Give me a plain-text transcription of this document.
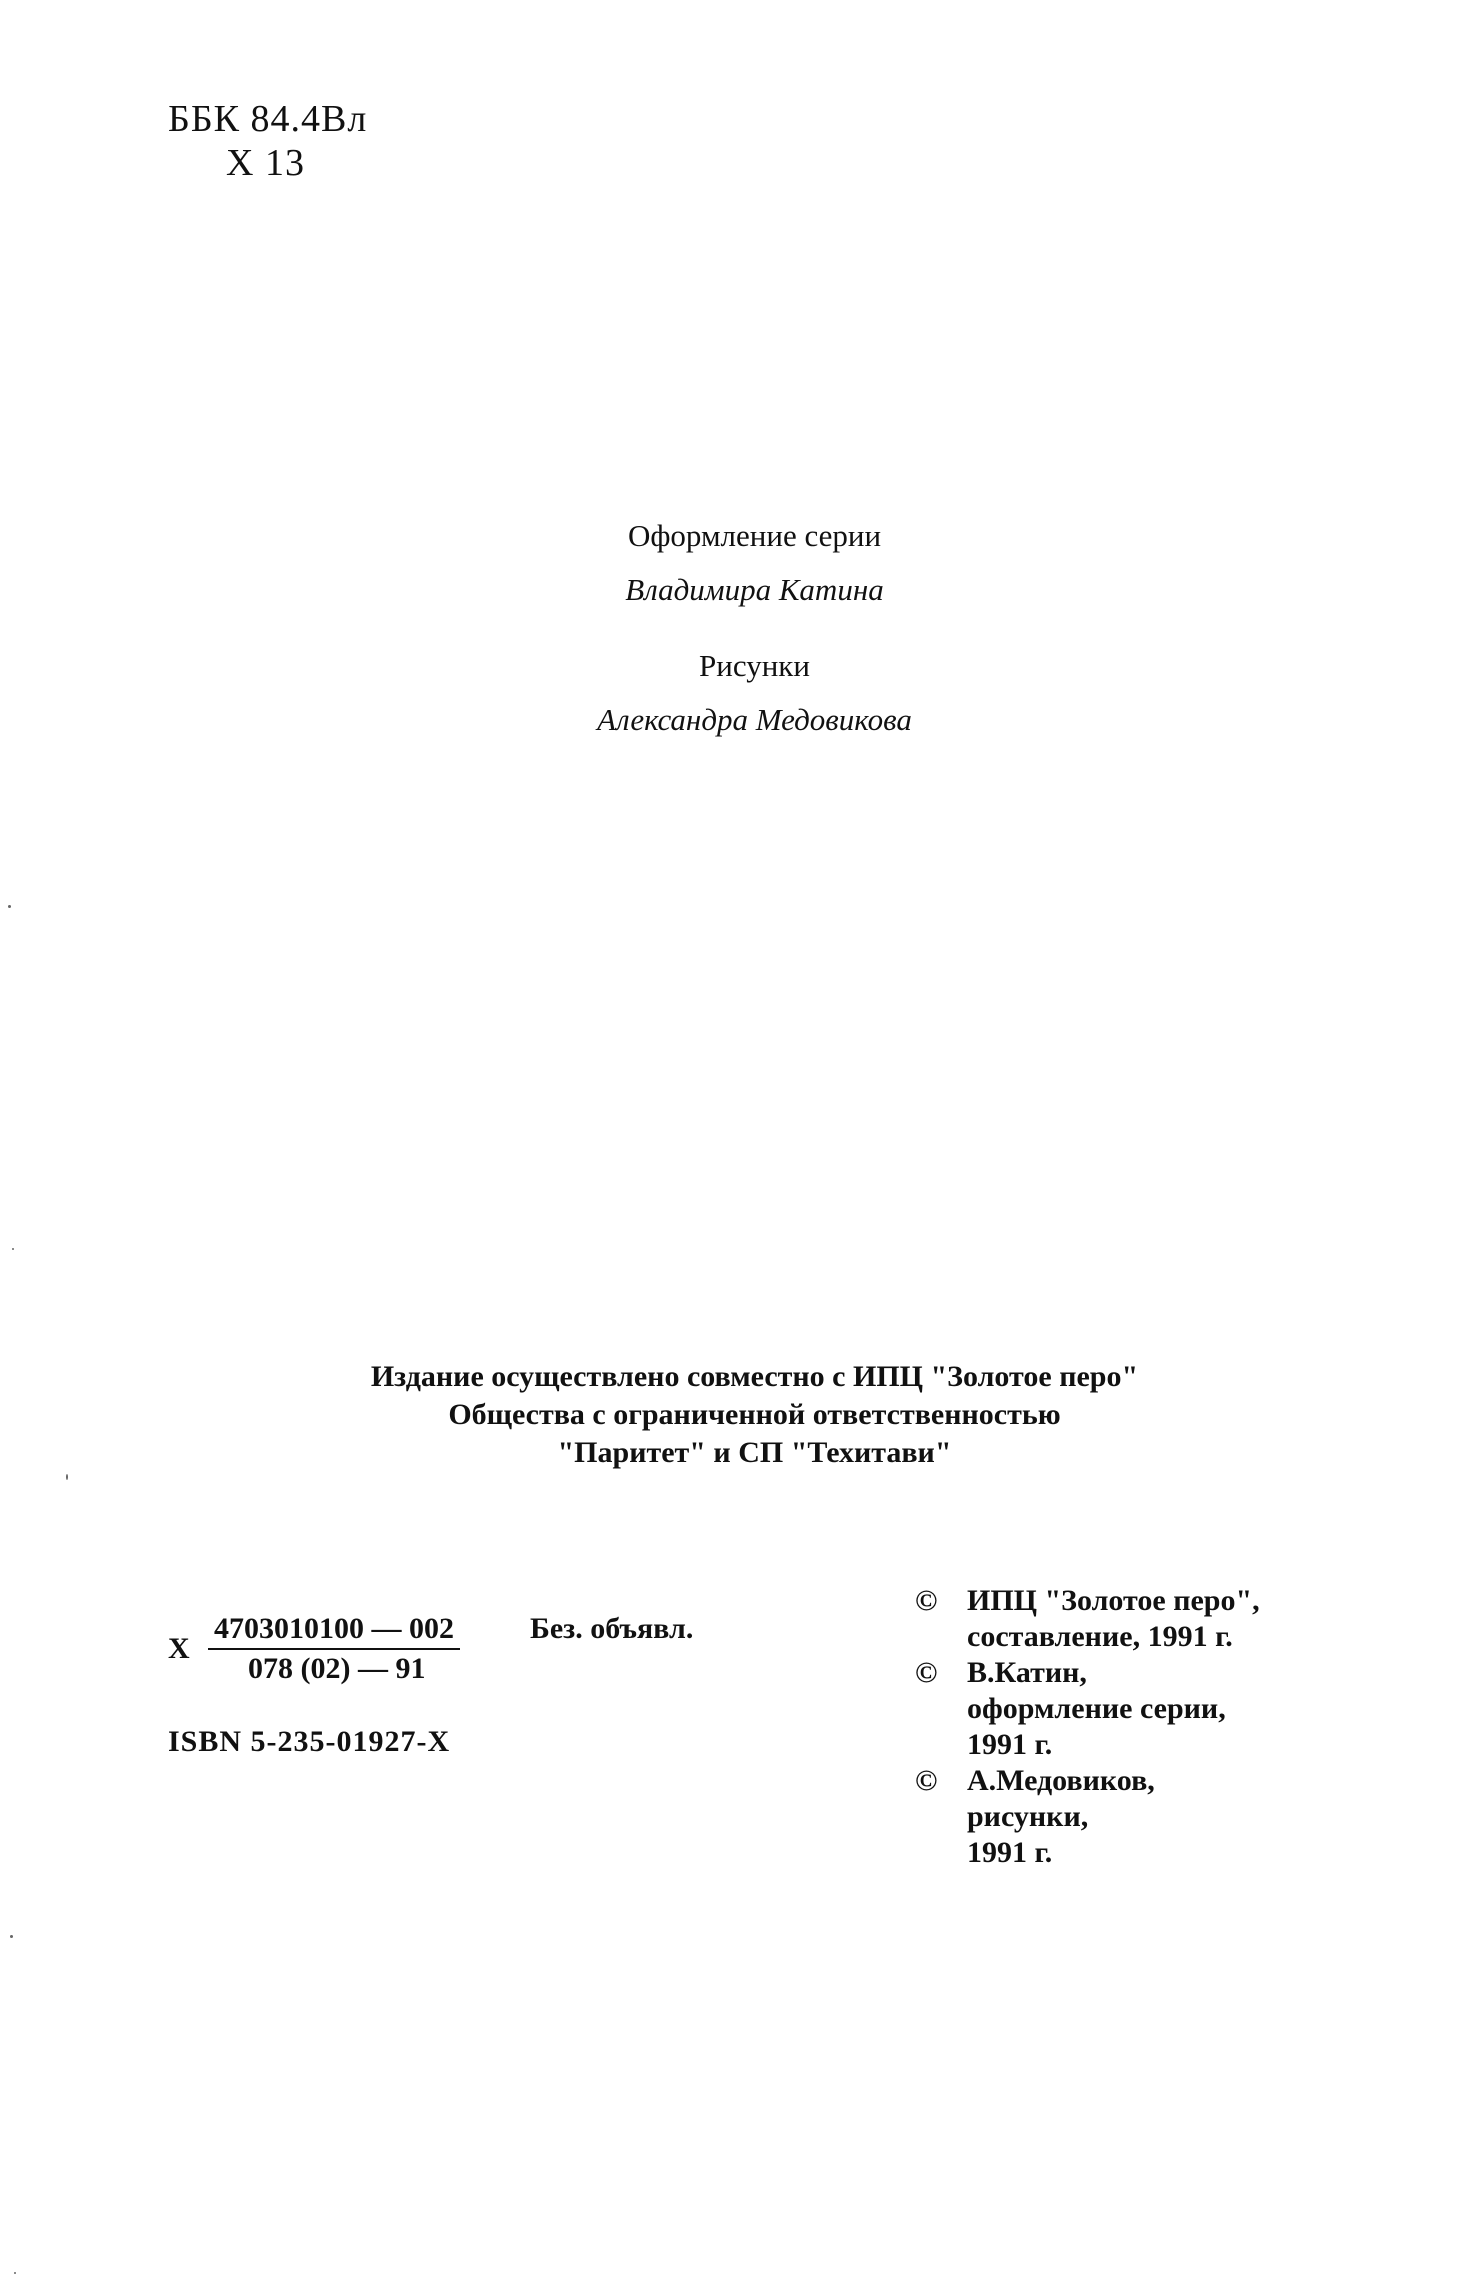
ББК 84.4Вл
Х 13
Оформление серии
Владимира Катина
Рисунки
Александра Медовикова
Издание осуществлено совместно с ИПЦ "Золотое перо"
Общества с ограниченной ответственностью
"Паритет" и СП "Техитави"
Х $\frac{4703010100 — 002}{078 (02) — 91}$ Без. объявл.
ISBN 5-235-01927-X
© ИПЦ "Золотое перо",
составление, 1991 г.
© В.Катин,
оформление серии,
1991 г.
© А.Медовиков,
рисунки,
1991 г.
